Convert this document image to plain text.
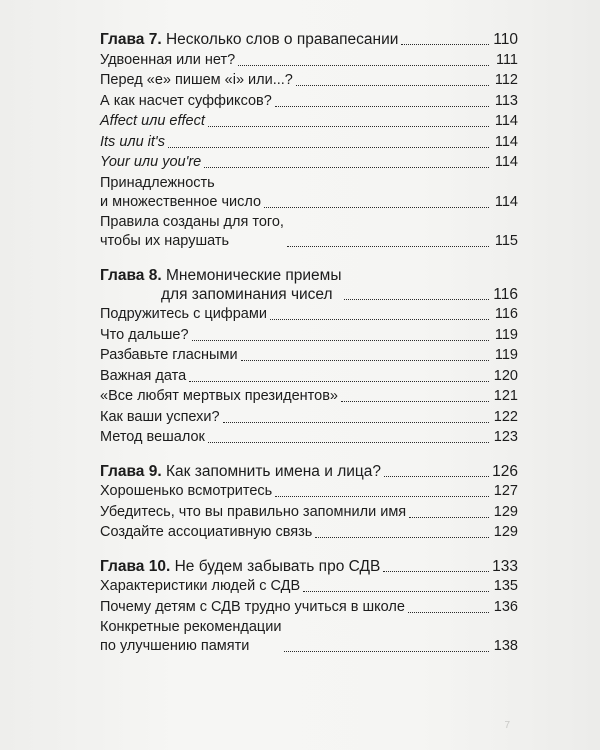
Глава 7. Несколько слов о правапесании	110
Удвоенная или нет?	111
Перед «е» пишем «i» или...?	112
А как насчет суффиксов?	113
Affect или effect	114
Its или it's	114
Your или you're	114
Принадлежность
и множественное число	114
Правила созданы для того,
чтобы их нарушать	115
Глава 8. Мнемонические приемы
для запоминания чисел	116
Подружитесь с цифрами	116
Что дальше?	119
Разбавьте гласными	119
Важная дата	120
«Все любят мертвых президентов»	121
Как ваши успехи?	122
Метод вешалок	123
Глава 9. Как запомнить имена и лица?	126
Хорошенько всмотритесь	127
Убедитесь, что вы правильно запомнили имя	129
Создайте ассоциативную связь	129
Глава 10. Не будем забывать про СДВ	133
Характеристики людей с СДВ	135
Почему детям с СДВ трудно учиться в школе	136
Конкретные рекомендации
по улучшению памяти	138
7
